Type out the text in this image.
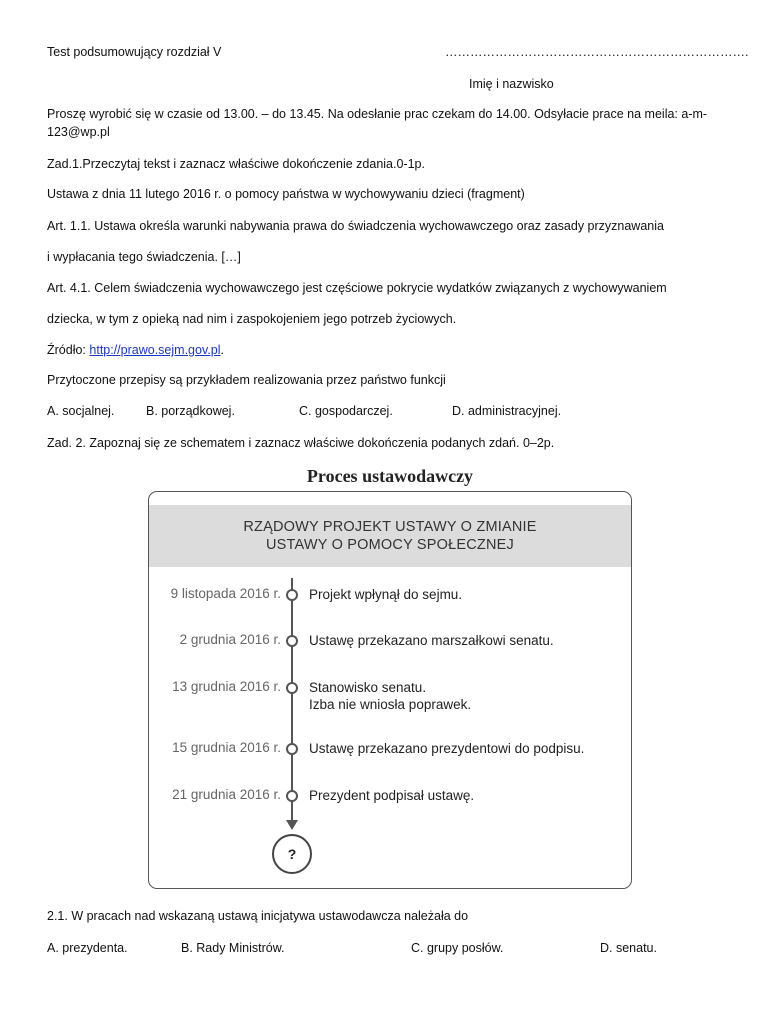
Test podsumowujący rozdział V	……………………………………………………………….
Imię i nazwisko
Proszę wyrobić się w czasie od 13.00. – do 13.45. Na odesłanie prac czekam do 14.00. Odsyłacie prace na meila: a-m-
123@wp.pl
Zad.1.Przeczytaj tekst i zaznacz właściwe dokończenie zdania.0-1p.
Ustawa z dnia 11 lutego 2016 r. o pomocy państwa w wychowywaniu dzieci (fragment)
Art. 1.1. Ustawa określa warunki nabywania prawa do świadczenia wychowawczego oraz zasady przyznawania
i wypłacania tego świadczenia. […]
Art. 4.1. Celem świadczenia wychowawczego jest częściowe pokrycie wydatków związanych z wychowywaniem
dziecka, w tym z opieką nad nim i zaspokojeniem jego potrzeb życiowych.
Źródło: http://prawo.sejm.gov.pl.
Przytoczone przepisy są przykładem realizowania przez państwo funkcji
A. socjalnej.	B. porządkowej.	C. gospodarczej.	D. administracyjnej.
Zad. 2. Zapoznaj się ze schematem i zaznacz właściwe dokończenia podanych zdań. 0–2p.
Proces ustawodawczy
RZĄDOWY PROJEKT USTAWY O ZMIANIE
USTAWY O POMOCY SPOŁECZNEJ
9 listopada 2016 r. Projekt wpłynął do sejmu.
2 grudnia 2016 r. Ustawę przekazano marszałkowi senatu.
13 grudnia 2016 r. Stanowisko senatu.
Izba nie wniosła poprawek.
15 grudnia 2016 r. Ustawę przekazano prezydentowi do podpisu.
21 grudnia 2016 r. Prezydent podpisał ustawę.
?
2.1. W pracach nad wskazaną ustawą inicjatywa ustawodawcza należała do
A. prezydenta.	B. Rady Ministrów.	C. grupy posłów.	D. senatu.
